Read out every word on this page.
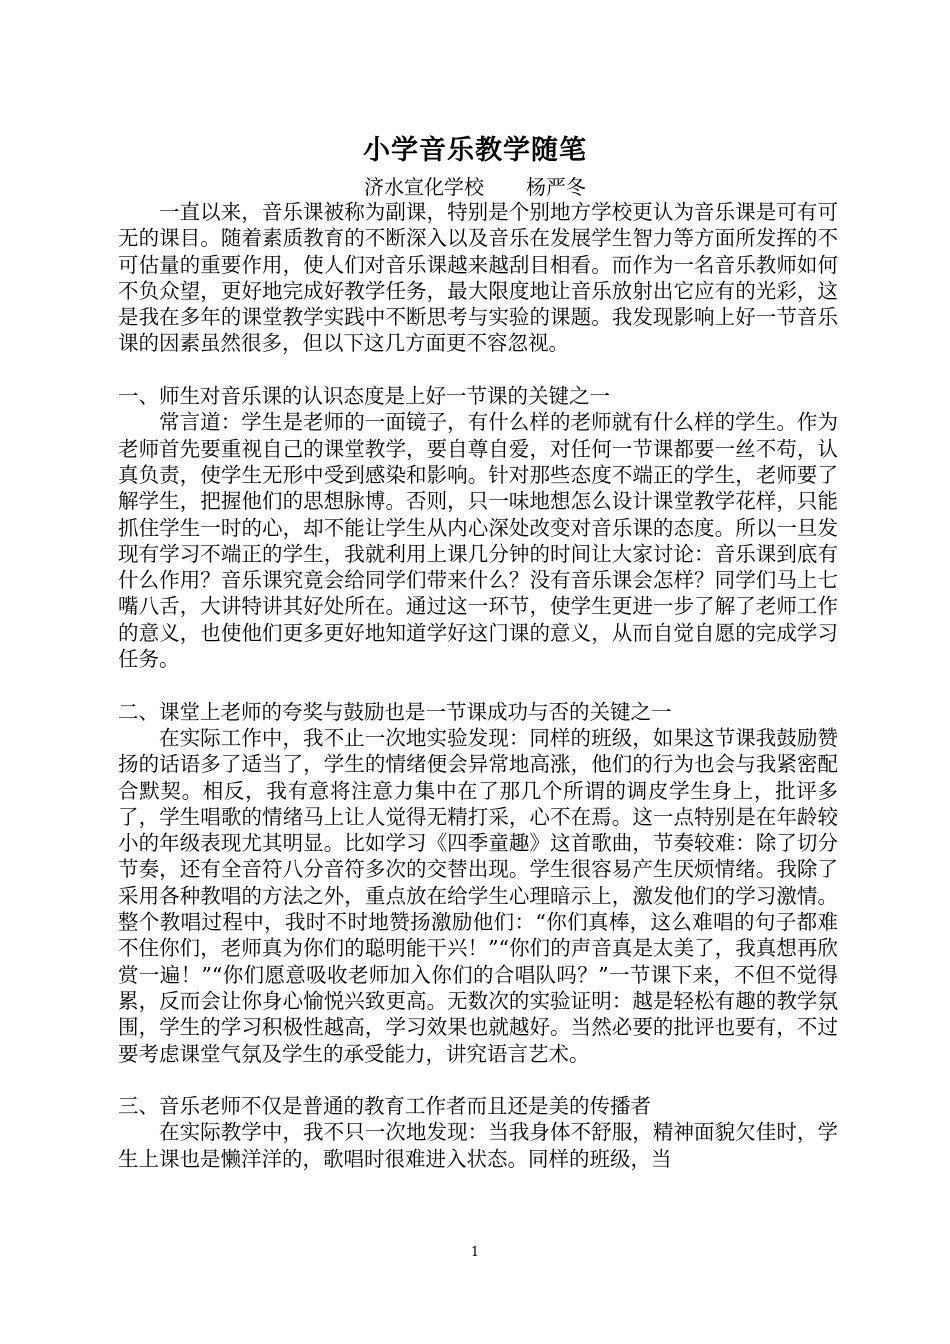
小学音乐教学随笔
济水宣化学校 杨严冬

一直以来，音乐课被称为副课，特别是个别地方学校更认为音乐课是可有可无的课目。随着素质教育的不断深入以及音乐在发展学生智力等方面所发挥的不可估量的重要作用，使人们对音乐课越来越刮目相看。而作为一名音乐教师如何不负众望，更好地完成好教学任务，最大限度地让音乐放射出它应有的光彩，这是我在多年的课堂教学实践中不断思考与实验的课题。我发现影响上好一节音乐课的因素虽然很多，但以下这几方面更不容忽视。

一、师生对音乐课的认识态度是上好一节课的关键之一

常言道：学生是老师的一面镜子，有什么样的老师就有什么样的学生。作为老师首先要重视自己的课堂教学，要自尊自爱，对任何一节课都要一丝不苟，认真负责，使学生无形中受到感染和影响。针对那些态度不端正的学生，老师要了解学生，把握他们的思想脉博。否则，只一味地想怎么设计课堂教学花样，只能抓住学生一时的心，却不能让学生从内心深处改变对音乐课的态度。所以一旦发现有学习不端正的学生，我就利用上课几分钟的时间让大家讨论：音乐课到底有什么作用？音乐课究竟会给同学们带来什么？没有音乐课会怎样？同学们马上七嘴八舌，大讲特讲其好处所在。通过这一环节，使学生更进一步了解了老师工作的意义，也使他们更多更好地知道学好这门课的意义，从而自觉自愿的完成学习任务。

二、课堂上老师的夸奖与鼓励也是一节课成功与否的关键之一

在实际工作中，我不止一次地实验发现：同样的班级，如果这节课我鼓励赞扬的话语多了适当了，学生的情绪便会异常地高涨，他们的行为也会与我紧密配合默契。相反，我有意将注意力集中在了那几个所谓的调皮学生身上，批评多了，学生唱歌的情绪马上让人觉得无精打采，心不在焉。这一点特别是在年龄较小的年级表现尤其明显。比如学习《四季童趣》这首歌曲，节奏较难：除了切分节奏，还有全音符八分音符多次的交替出现。学生很容易产生厌烦情绪。我除了采用各种教唱的方法之外，重点放在给学生心理暗示上，激发他们的学习激情。整个教唱过程中，我时不时地赞扬激励他们：“你们真棒，这么难唱的句子都难不住你们，老师真为你们的聪明能干兴！”“你们的声音真是太美了，我真想再欣赏一遍！”“你们愿意吸收老师加入你们的合唱队吗？”一节课下来，不但不觉得累，反而会让你身心愉悦兴致更高。无数次的实验证明：越是轻松有趣的教学氛围，学生的学习积极性越高，学习效果也就越好。当然必要的批评也要有，不过要考虑课堂气氛及学生的承受能力，讲究语言艺术。

三、音乐老师不仅是普通的教育工作者而且还是美的传播者

在实际教学中，我不只一次地发现：当我身体不舒服，精神面貌欠佳时，学生上课也是懒洋洋的，歌唱时很难进入状态。同样的班级，当

1
